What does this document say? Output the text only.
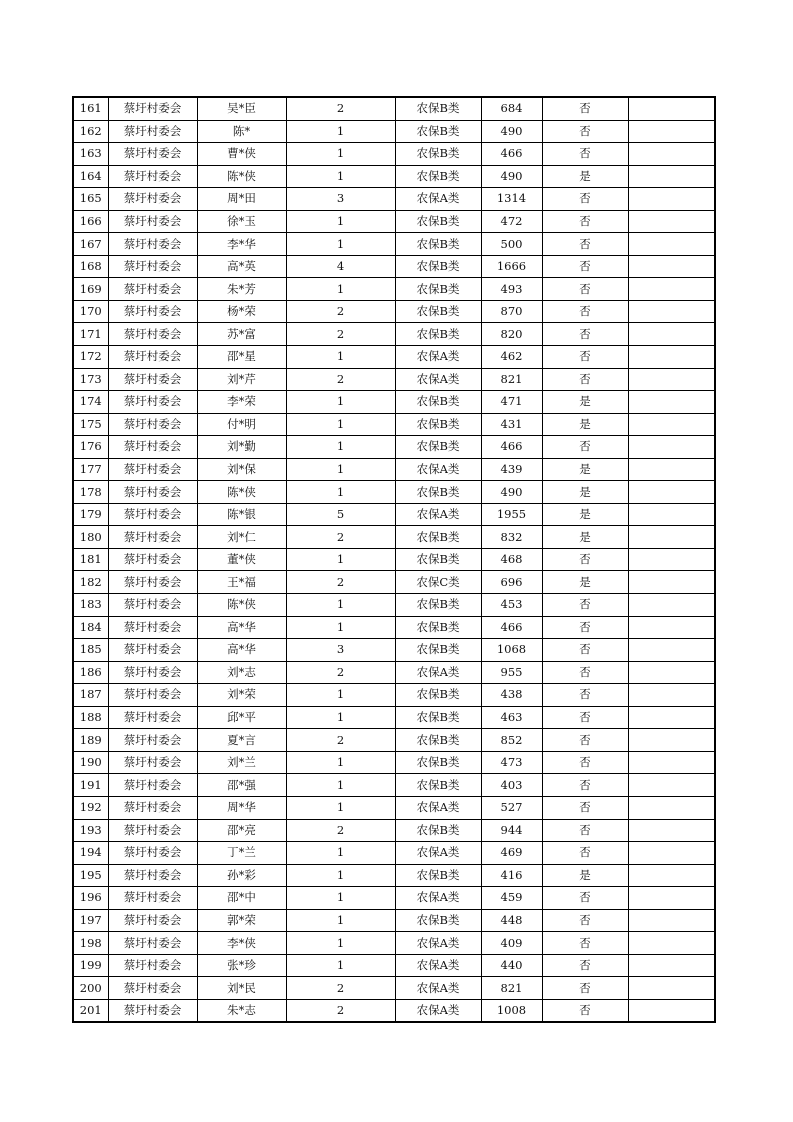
161	蔡圩村委会	吴*臣	2	农保B类	684	否	
162	蔡圩村委会	陈*	1	农保B类	490	否	
163	蔡圩村委会	曹*侠	1	农保B类	466	否	
164	蔡圩村委会	陈*侠	1	农保B类	490	是	
165	蔡圩村委会	周*田	3	农保A类	1314	否	
166	蔡圩村委会	徐*玉	1	农保B类	472	否	
167	蔡圩村委会	李*华	1	农保B类	500	否	
168	蔡圩村委会	高*英	4	农保B类	1666	否	
169	蔡圩村委会	朱*芳	1	农保B类	493	否	
170	蔡圩村委会	杨*荣	2	农保B类	870	否	
171	蔡圩村委会	苏*富	2	农保B类	820	否	
172	蔡圩村委会	邵*星	1	农保A类	462	否	
173	蔡圩村委会	刘*芹	2	农保A类	821	否	
174	蔡圩村委会	李*荣	1	农保B类	471	是	
175	蔡圩村委会	付*明	1	农保B类	431	是	
176	蔡圩村委会	刘*勤	1	农保B类	466	否	
177	蔡圩村委会	刘*保	1	农保A类	439	是	
178	蔡圩村委会	陈*侠	1	农保B类	490	是	
179	蔡圩村委会	陈*银	5	农保A类	1955	是	
180	蔡圩村委会	刘*仁	2	农保B类	832	是	
181	蔡圩村委会	董*侠	1	农保B类	468	否	
182	蔡圩村委会	王*福	2	农保C类	696	是	
183	蔡圩村委会	陈*侠	1	农保B类	453	否	
184	蔡圩村委会	高*华	1	农保B类	466	否	
185	蔡圩村委会	高*华	3	农保B类	1068	否	
186	蔡圩村委会	刘*志	2	农保A类	955	否	
187	蔡圩村委会	刘*荣	1	农保B类	438	否	
188	蔡圩村委会	邱*平	1	农保B类	463	否	
189	蔡圩村委会	夏*言	2	农保B类	852	否	
190	蔡圩村委会	刘*兰	1	农保B类	473	否	
191	蔡圩村委会	邵*强	1	农保B类	403	否	
192	蔡圩村委会	周*华	1	农保A类	527	否	
193	蔡圩村委会	邵*亮	2	农保B类	944	否	
194	蔡圩村委会	丁*兰	1	农保A类	469	否	
195	蔡圩村委会	孙*彩	1	农保B类	416	是	
196	蔡圩村委会	邵*中	1	农保A类	459	否	
197	蔡圩村委会	郭*荣	1	农保B类	448	否	
198	蔡圩村委会	李*侠	1	农保A类	409	否	
199	蔡圩村委会	张*珍	1	农保A类	440	否	
200	蔡圩村委会	刘*民	2	农保A类	821	否	
201	蔡圩村委会	朱*志	2	农保A类	1008	否	
